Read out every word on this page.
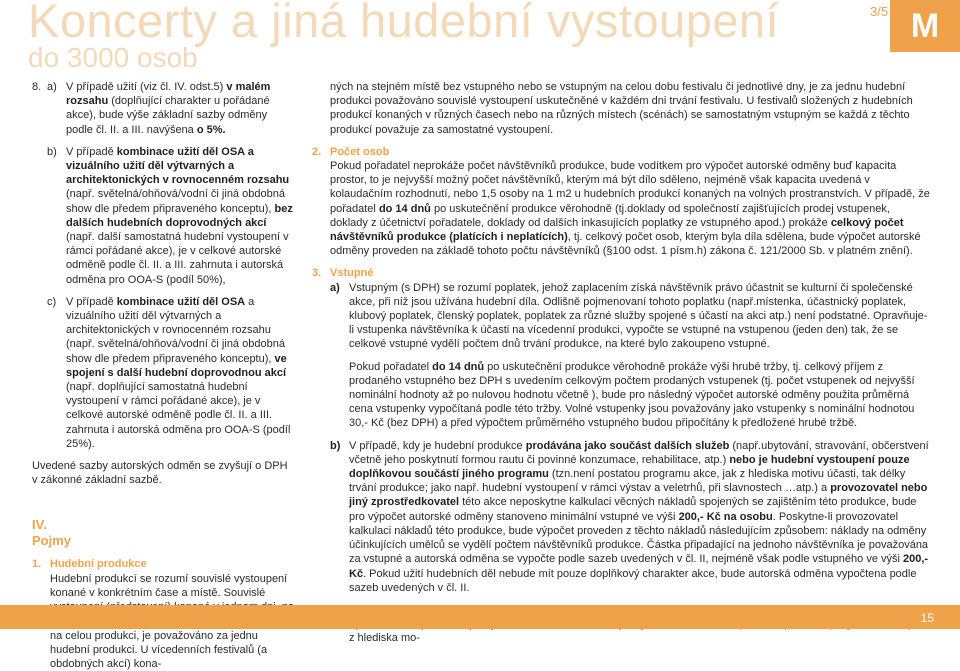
Koncerty a jiná hudební vystoupení
do 3000 osob
3/5 M
8. a) V případě užití (viz čl. IV. odst.5) v malém rozsahu (doplňující charakter u pořádané akce), bude výše základní sazby odměny podle čl. II. a III. navýšena o 5%.
b) V případě kombinace užití děl OSA a vizuálního užití děl výtvarných a architektonických v rovnocenném rozsahu (např. světelná/ohňová/vodní či jiná obdobná show dle předem připraveného konceptu), bez dalších hudebních doprovodných akcí (např. další samostatná hudební vystoupení v rámci pořádané akce), je v celkové autorské odměně podle čl. II. a III. zahrnuta i autorská odměna pro OOA-S (podíl 50%),
c) V případě kombinace užití děl OSA a vizuálního užití děl výtvarných a architektonických v rovnocenném rozsahu (např. světelná/ohňová/vodní či jiná obdobná show dle předem připraveného konceptu), ve spojení s další hudební doprovodnou akcí (např. doplňující samostatná hudební vystoupení v rámci pořádané akce), je v celkové autorské odměně podle čl. II. a III. zahrnuta i autorská odměna pro OOA-S (podíl 25%).
Uvedené sazby autorských odměn se zvyšují o DPH v zákonné základní sazbě.
IV.
Pojmy
1. Hudební produkce
Hudební produkcí se rozumí souvislé vystoupení konané v konkrétním čase a místě. Souvislé na celou produkci, je považováno za jednu hudební produkci. U vícedenních festivalů (a obdobných akcí) kona-
ných na stejném místě bez vstupného nebo se vstupným na celou dobu festivalu či jednotlivé dny, je za jednu hudební produkci považováno souvislé vystoupení uskutečněné v každém dni trvání festivalu. U festivalů složených z hudebních produkcí konaných v různých časech nebo na různých místech (scénách) se samostatným vstupným se každá z těchto produkcí považuje za samostatné vystoupení.
2. Počet osob
Pokud pořadatel neprokáže počet návštěvníků produkce, bude vodítkem pro výpočet autorské odměny buď kapacita prostor, to je nejvyšší možný počet návštěvníků, kterým má být dílo sděleno, nejméně však kapacita uvedená v kolaudačním rozhodnutí, nebo 1,5 osoby na 1 m2 u hudebních produkcí konaných na volných prostranstvích. V případě, že pořadatel do 14 dnů po uskutečnění produkce věrohodně (tj.doklady od společností zajišťujících prodej vstupenek, doklady z účetnictví pořadatele, doklady od dalších inkasujících poplatky ze vstupného apod.) prokáže celkový počet návštěvníků produkce (platících i neplatících), tj. celkový počet osob, kterým byla díla sdělena, bude výpočet autorské odměny proveden na základě tohoto počtu návštěvníků (§100 odst. 1 písm.h) zákona č. 121/2000 Sb. v platném znění).
3. Vstupné
a) Vstupným (s DPH) se rozumí poplatek, jehož zaplacením získá návštěvník právo účastnit se kulturní či společenské akce, při níž jsou užívána hudební díla. Odlišně pojmenovaní tohoto poplatku (např.místenka, účastnický poplatek, klubový poplatek, členský poplatek, poplatek za různé služby spojené s účastí na akci atp.) není podstatné. Opravňuje-li vstupenka návštěvníka k účasti na vícedenní produkci, vypočte se vstupné na vstupenou (jeden den) tak, že se celkové vstupné vydělí počtem dnů trvání produkce, na které bylo zakoupeno vstupné.
Pokud pořadatel do 14 dnů po uskutečnění produkce věrohodně prokáže výši hrubé tržby, tj. celkový příjem z prodaného vstupného bez DPH s uvedením celkovým počtem prodaných vstupenek (tj. počet vstupenek od nejvyšší nominální hodnoty až po nulovou hodnotu včetně ), bude pro následný výpočet autorské odměny použita průměrná cena vstupenky vypočítaná podle této tržby. Volné vstupenky jsou považovány jako vstupenky s nominální hodnotou 30,- Kč (bez DPH) a před výpočtem průměrného vstupného budou připočítány k předložené hrubé tržbě.
b) V případě, kdy je hudební produkce prodávána jako součást dalších služeb (např.ubytování, stravování, občerstvení včetně jeho poskytnutí formou rautu či povinné konzumace, rehabilitace, atp.) nebo je hudební vystoupení pouze doplňkovou součástí jiného programu (tzn.není postatou programu akce, jak z hlediska motivu účasti, tak délky trvání produkce; jako např. hudební vystoupení v rámci výstav a veletrhů, při slavnostech …atp.) a provozovatel nebo jiný zprostředkovatel této akce neposkytne kalkulaci věcných nákladů spojených se zajištěním této produkce, bude pro výpočet autorské odměny stanoveno minimální vstupné ve výši 200,- Kč na osobu. Poskytne-li provozovatel kalkulaci nákladů této produkce, bude výpočet proveden z těchto nákladů následujícím způsobem: náklady na odměny účinkujících umělců se vydělí počtem návštěvníků produkce. Částka připadající na jednoho návštěvníka je považována za vstupné a autorská odměna se vypočte podle sazeb uvedených v čl. II, nejméně však podle vstupného ve výši 200,- Kč. Pokud užití hudebních děl nebude mít pouze doplňkový charakter akce, bude autorská odměna vypočtena podle sazeb uvedených v čl. II.
z hlediska mo-
15
